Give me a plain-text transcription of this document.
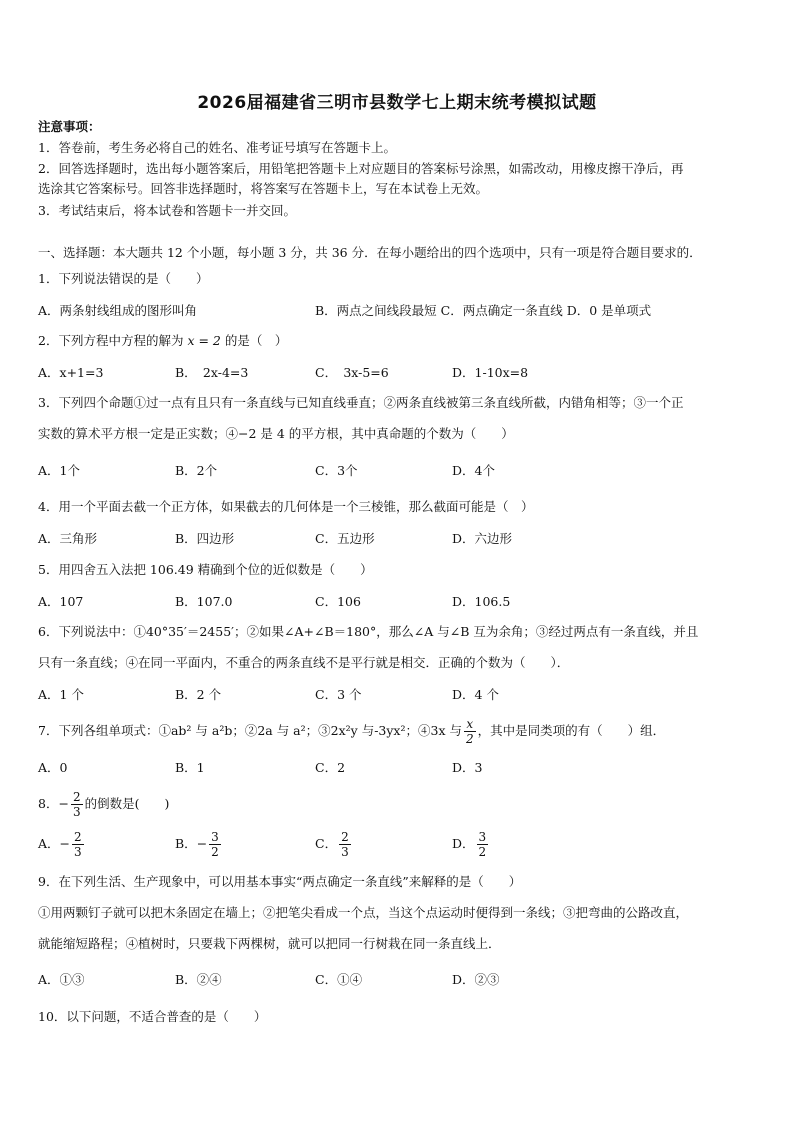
2026届福建省三明市县数学七上期末统考模拟试题
注意事项：
1．答卷前，考生务必将自己的姓名、准考证号填写在答题卡上。
2．回答选择题时，选出每小题答案后，用铅笔把答题卡上对应题目的答案标号涂黑，如需改动，用橡皮擦干净后，再
选涂其它答案标号。回答非选择题时，将答案写在答题卡上，写在本试卷上无效。
3．考试结束后，将本试卷和答题卡一并交回。
一、选择题：本大题共 12 个小题，每小题 3 分，共 36 分．在每小题给出的四个选项中，只有一项是符合题目要求的．
1．下列说法错误的是（　　）
A．两条射线组成的图形叫角	B．两点之间线段最短 C．两点确定一条直线 D．0 是单项式
2．下列方程中方程的解为 x = 2 的是（　）
A．x+1=3	B．　2x-4=3	C．　3x-5=6	D．1-10x=8
3．下列四个命题①过一点有且只有一条直线与已知直线垂直；②两条直线被第三条直线所截，内错角相等；③一个正
实数的算术平方根一定是正实数；④−2 是 4 的平方根，其中真命题的个数为（　　）
A．1个	B．2个	C．3个	D．4个
4．用一个平面去截一个正方体，如果截去的几何体是一个三棱锥，那么截面可能是（　）
A．三角形	B．四边形	C．五边形	D．六边形
5．用四舍五入法把 106.49 精确到个位的近似数是（　　）
A．107	B．107.0	C．106	D．106.5
6．下列说法中：①40°35′＝2455′；②如果∠A+∠B＝180°，那么∠A 与∠B 互为余角；③经过两点有一条直线，并且
只有一条直线；④在同一平面内，不重合的两条直线不是平行就是相交．正确的个数为（　　）．
A．1 个	B．2 个	C．3 个	D．4 个
7．下列各组单项式：①ab² 与 a²b；②2a 与 a²；③2x²y 与-3yx²；④3x 与 $\frac{x}{2}$ ，其中是同类项的有（　　）组．
A．0	B．1	C．2	D．3
8．− $\frac{2}{3}$ 的倒数是(　　)
A．− $\frac{2}{3}$	B．− $\frac{3}{2}$	C． $\frac{2}{3}$	D． $\frac{3}{2}$
9．在下列生活、生产现象中，可以用基本事实“两点确定一条直线”来解释的是（　　）
①用两颗钉子就可以把木条固定在墙上；②把笔尖看成一个点，当这个点运动时便得到一条线；③把弯曲的公路改直，
就能缩短路程；④植树时，只要栽下两棵树，就可以把同一行树栽在同一条直线上．
A．①③	B．②④	C．①④	D．②③
10．以下问题，不适合普查的是（　　）
